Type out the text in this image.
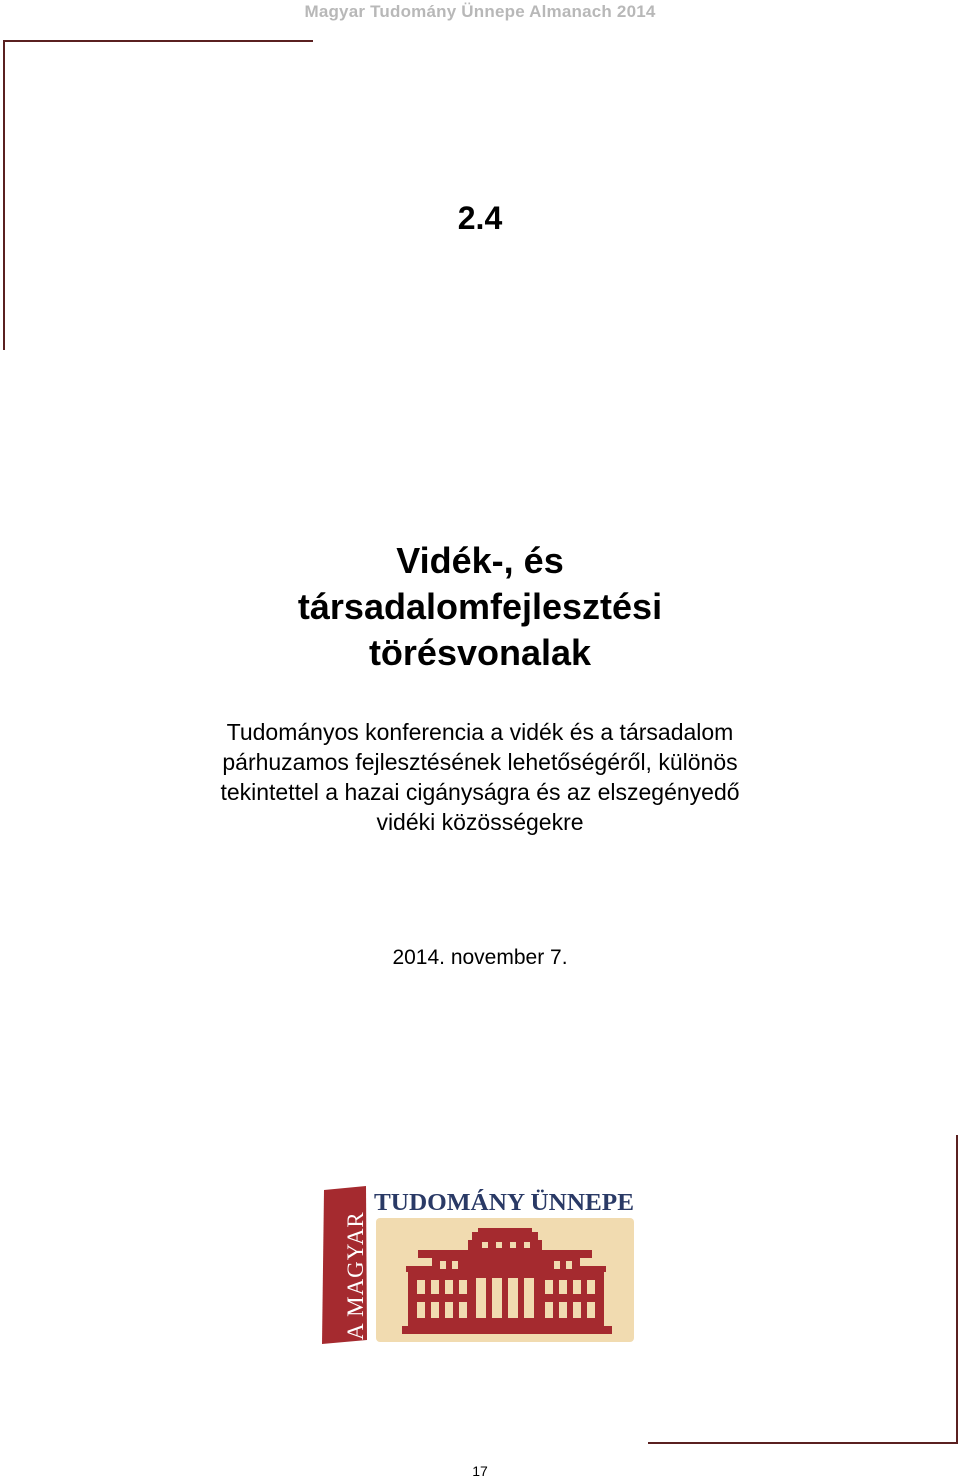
Magyar Tudomány Ünnepe Almanach 2014
2.4
Vidék-, és
társadalomfejlesztési
törésvonalak
Tudományos konferencia a vidék és a társadalom
párhuzamos fejlesztésének lehetőségéről, különös
tekintettel a hazai cigányságra és az elszegényedő
vidéki közösségekre
2014. november 7.
A MAGYAR
TUDOMÁNY ÜNNEPE
17
